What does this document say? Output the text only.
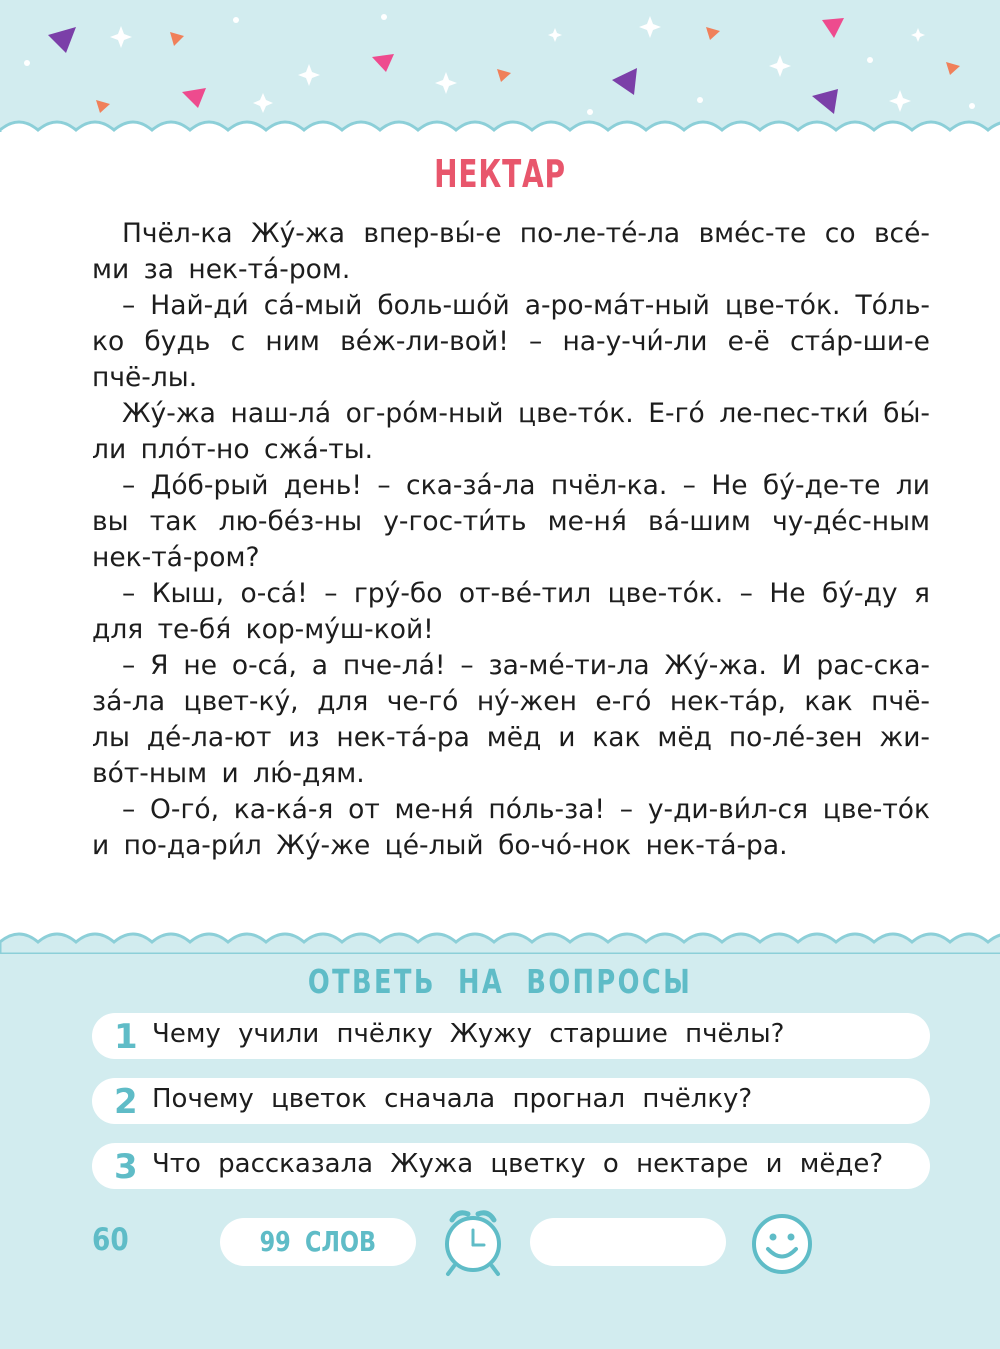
НЕКТАР

Пчёл-ка Жу́-жа впер-вы́-е по-ле-те́-ла вме́с-те со все́-ми за нек-та́-ром.

– Най-ди́ са́-мый боль-шо́й а-ро-ма́т-ный цве-то́к. То́ль-ко будь с ним ве́ж-ли-вой! – на-у-чи́-ли е-ё ста́р-ши-е пчё-лы.

Жу́-жа наш-ла́ ог-ро́м-ный цве-то́к. Е-го́ ле-пес-тки́ бы́-ли пло́т-но сжа́-ты.

– До́б-рый день! – ска-за́-ла пчёл-ка. – Не бу́-де-те ли вы так лю-бе́з-ны у-гос-ти́ть ме-ня́ ва́-шим чу-де́с-ным нек-та́-ром?

– Кыш, о-са́! – гру́-бо от-ве́-тил цве-то́к. – Не бу́-ду я для те-бя́ кор-му́ш-кой!

– Я не о-са́, а пче-ла́! – за-ме́-ти-ла Жу́-жа. И рас-ска-за́-ла цвет-ку́, для че-го́ ну́-жен е-го́ нек-та́р, как пчё-лы де́-ла-ют из нек-та́-ра мёд и как мёд по-ле́-зен жи-во́т-ным и лю́-дям.

– О-го́, ка-ка́-я от ме-ня́ по́ль-за! – у-ди-ви́л-ся цве-то́к и по-да-ри́л Жу́-же це́-лый бо-чо́-нок нек-та́-ра.

ОТВЕТЬ НА ВОПРОСЫ
1 Чему учили пчёлку Жужу старшие пчёлы?
2 Почему цветок сначала прогнал пчёлку?
3 Что рассказала Жужа цветку о нектаре и мёде?
60	99 СЛОВ
